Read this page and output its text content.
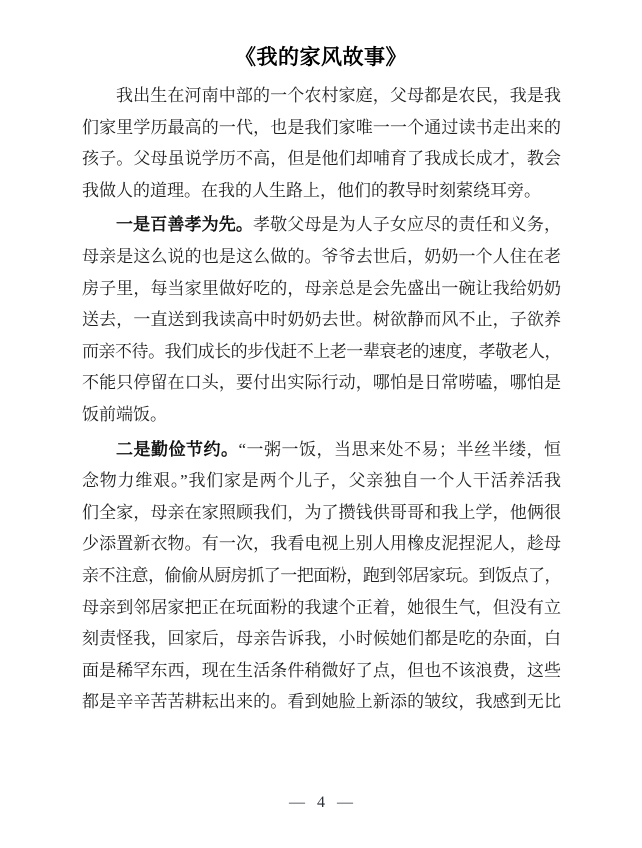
《我的家风故事》
我出生在河南中部的一个农村家庭，父母都是农民，我是我
们家里学历最高的一代，也是我们家唯一一个通过读书走出来的
孩子。父母虽说学历不高，但是他们却哺育了我成长成才，教会
我做人的道理。在我的人生路上，他们的教导时刻萦绕耳旁。
一是百善孝为先。孝敬父母是为人子女应尽的责任和义务，
母亲是这么说的也是这么做的。爷爷去世后，奶奶一个人住在老
房子里，每当家里做好吃的，母亲总是会先盛出一碗让我给奶奶
送去，一直送到我读高中时奶奶去世。树欲静而风不止，子欲养
而亲不待。我们成长的步伐赶不上老一辈衰老的速度，孝敬老人，
不能只停留在口头，要付出实际行动，哪怕是日常唠嗑，哪怕是
饭前端饭。
二是勤俭节约。“一粥一饭，当思来处不易；半丝半缕，恒
念物力维艰。”我们家是两个儿子，父亲独自一个人干活养活我
们全家，母亲在家照顾我们，为了攒钱供哥哥和我上学，他俩很
少添置新衣物。有一次，我看电视上别人用橡皮泥捏泥人，趁母
亲不注意，偷偷从厨房抓了一把面粉，跑到邻居家玩。到饭点了，
母亲到邻居家把正在玩面粉的我逮个正着，她很生气，但没有立
刻责怪我，回家后，母亲告诉我，小时候她们都是吃的杂面，白
面是稀罕东西，现在生活条件稍微好了点，但也不该浪费，这些
都是辛辛苦苦耕耘出来的。看到她脸上新添的皱纹，我感到无比
— 4 —
